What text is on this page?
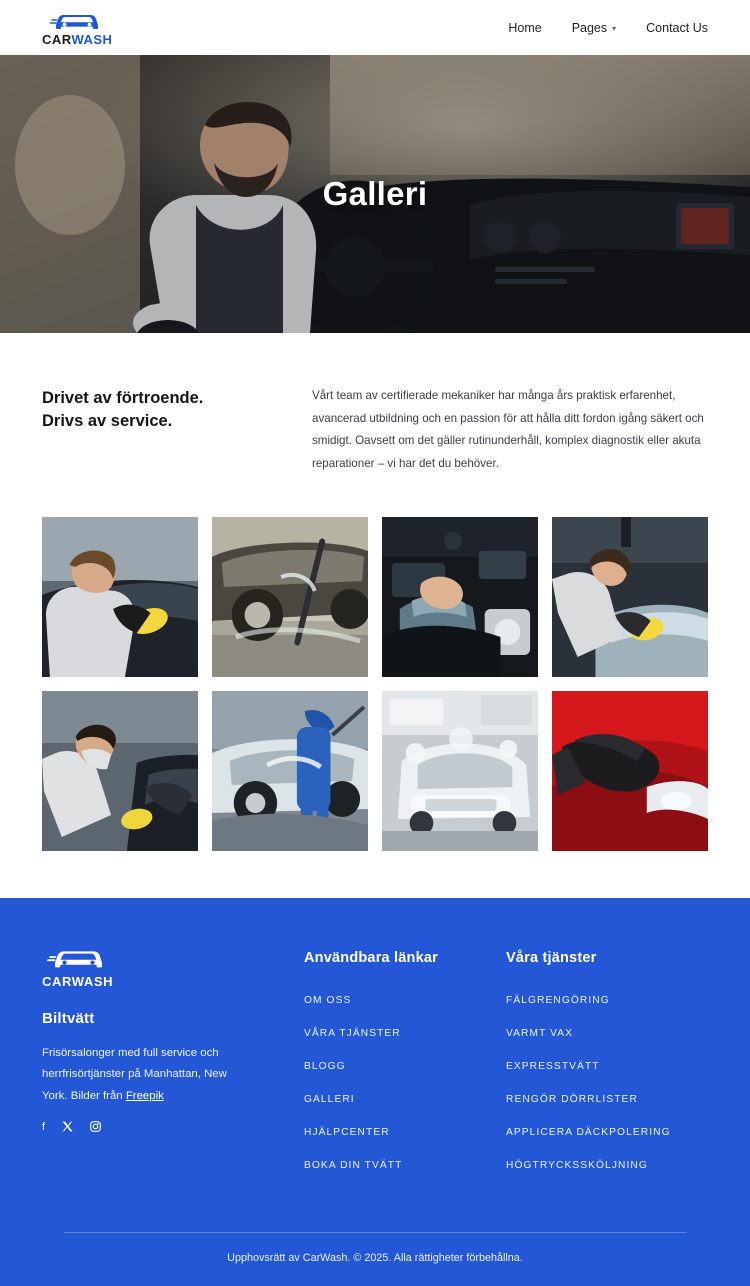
CARWASH
Home Pages ▾ Contact Us
Galleri
Drivet av förtroende.
Drivs av service.
Vårt team av certifierade mekaniker har många års praktisk erfarenhet, avancerad utbildning och en passion för att hålla ditt fordon igång säkert och smidigt. Oavsett om det gäller rutinunderhåll, komplex diagnostik eller akuta reparationer – vi har det du behöver.
CARWASH
Biltvätt
Frisörsalonger med full service och herrfrisörtjänster på Manhattan, New York. Bilder från Freepik
f
Användbara länkar
OM OSS
VÅRA TJÄNSTER
BLOGG
GALLERI
HJÄLPCENTER
BOKA DIN TVÄTT
Våra tjänster
FÄLGRENGÖRING
VARMT VAX
EXPRESSTVÄTT
RENGÖR DÖRRLISTER
APPLICERA DÄCKPOLERING
HÖGTRYCKSSKÖLJNING
Upphovsrätt av CarWash. © 2025. Alla rättigheter förbehållna.
